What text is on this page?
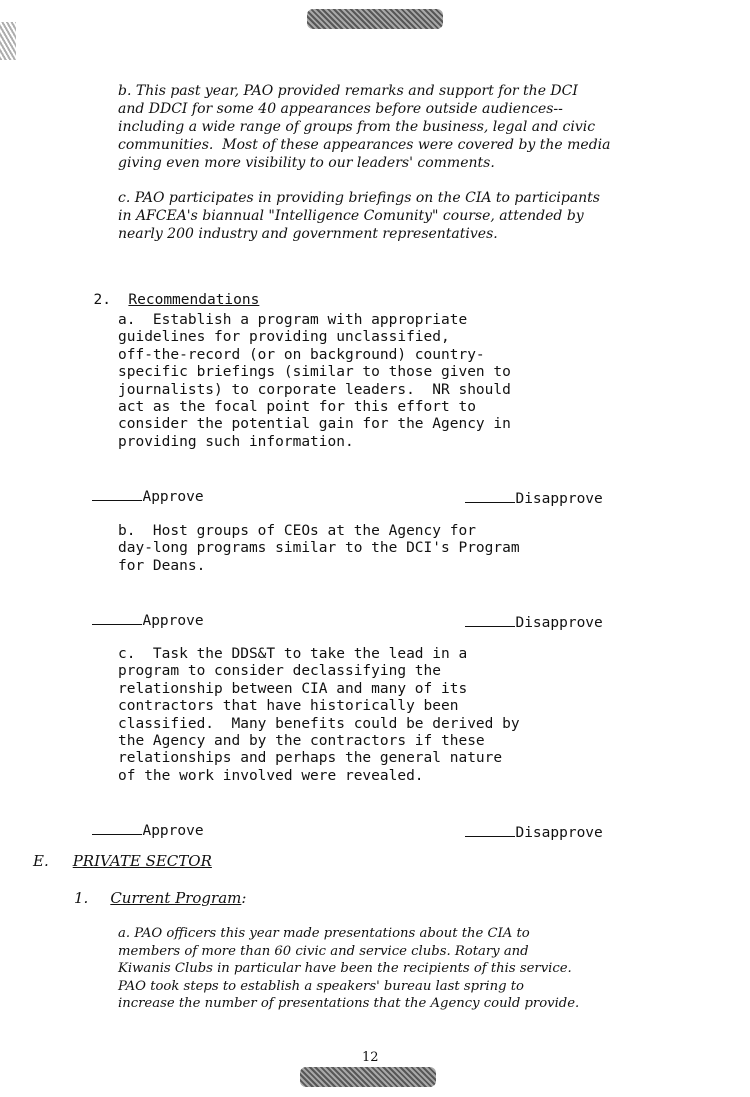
b. This past year, PAO provided remarks and support for the DCI
and DDCI for some 40 appearances before outside audiences--
including a wide range of groups from the business, legal and civic
communities.  Most of these appearances were covered by the media
giving even more visibility to our leaders' comments.
c. PAO participates in providing briefings on the CIA to participants
in AFCEA's biannual "Intelligence Comunity" course, attended by
nearly 200 industry and government representatives.

2. Recommendations

a.  Establish a program with appropriate
guidelines for providing unclassified,
off-the-record (or on background) country-
specific briefings (similar to those given to
journalists) to corporate leaders.  NR should
act as the focal point for this effort to
consider the potential gain for the Agency in
providing such information.

Approve	Disapprove

b.  Host groups of CEOs at the Agency for
day-long programs similar to the DCI's Program
for Deans.

Approve	Disapprove

c.  Task the DDS&T to take the lead in a
program to consider declassifying the
relationship between CIA and many of its
contractors that have historically been
classified.  Many benefits could be derived by
the Agency and by the contractors if these
relationships and perhaps the general nature
of the work involved were revealed.

Approve	Disapprove

E. PRIVATE SECTOR
1. Current Program:
a. PAO officers this year made presentations about the CIA to
members of more than 60 civic and service clubs. Rotary and
Kiwanis Clubs in particular have been the recipients of this service.
PAO took steps to establish a speakers' bureau last spring to
increase the number of presentations that the Agency could provide.
12
